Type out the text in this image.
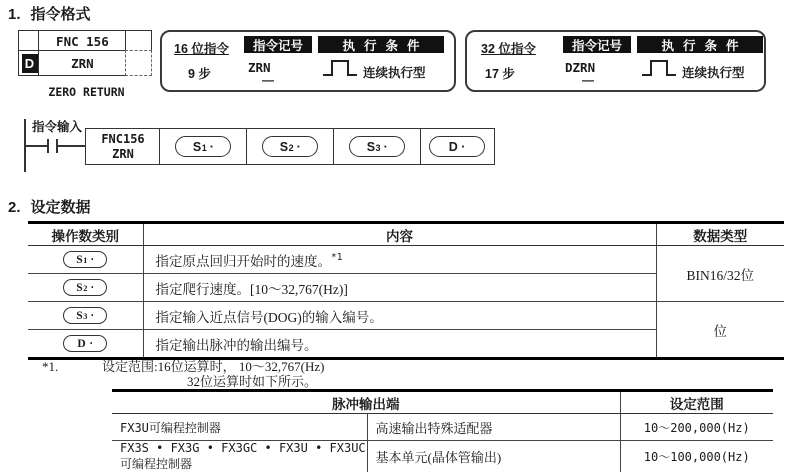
1. 指令格式
FNC 156
D	ZRN
ZERO RETURN
16 位指令
9 步
指令记号
ZRN
—
执行条件
连续执行型
32 位指令
17 步
指令记号
DZRN
—
执行条件
连续执行型
指令输入
FNC156
ZRN	S 1 ·	S 2 ·	S 3 ·	D ·
2. 设定数据
操作数类别	内容	数据类型

S 1 ·	指定原点回归开始时的速度。$^{*1}$	BIN16/32位

S 2 ·	指定爬行速度。[10～32,767(Hz)]	

S 3 ·	指定输入近点信号(DOG)的输入编号。	位

D ·	指定输出脉冲的输出编号。	
*1.	设定范围:16位运算时， 10～32,767(Hz)
32位运算时如下所示。
脉冲输出端		设定范围
FX3U可编程控制器	高速输出特殊适配器	10～200,000(Hz)
FX3S • FX3G • FX3GC • FX3U • FX3UC可编程控制器	基本单元(晶体管输出)	10～100,000(Hz)
